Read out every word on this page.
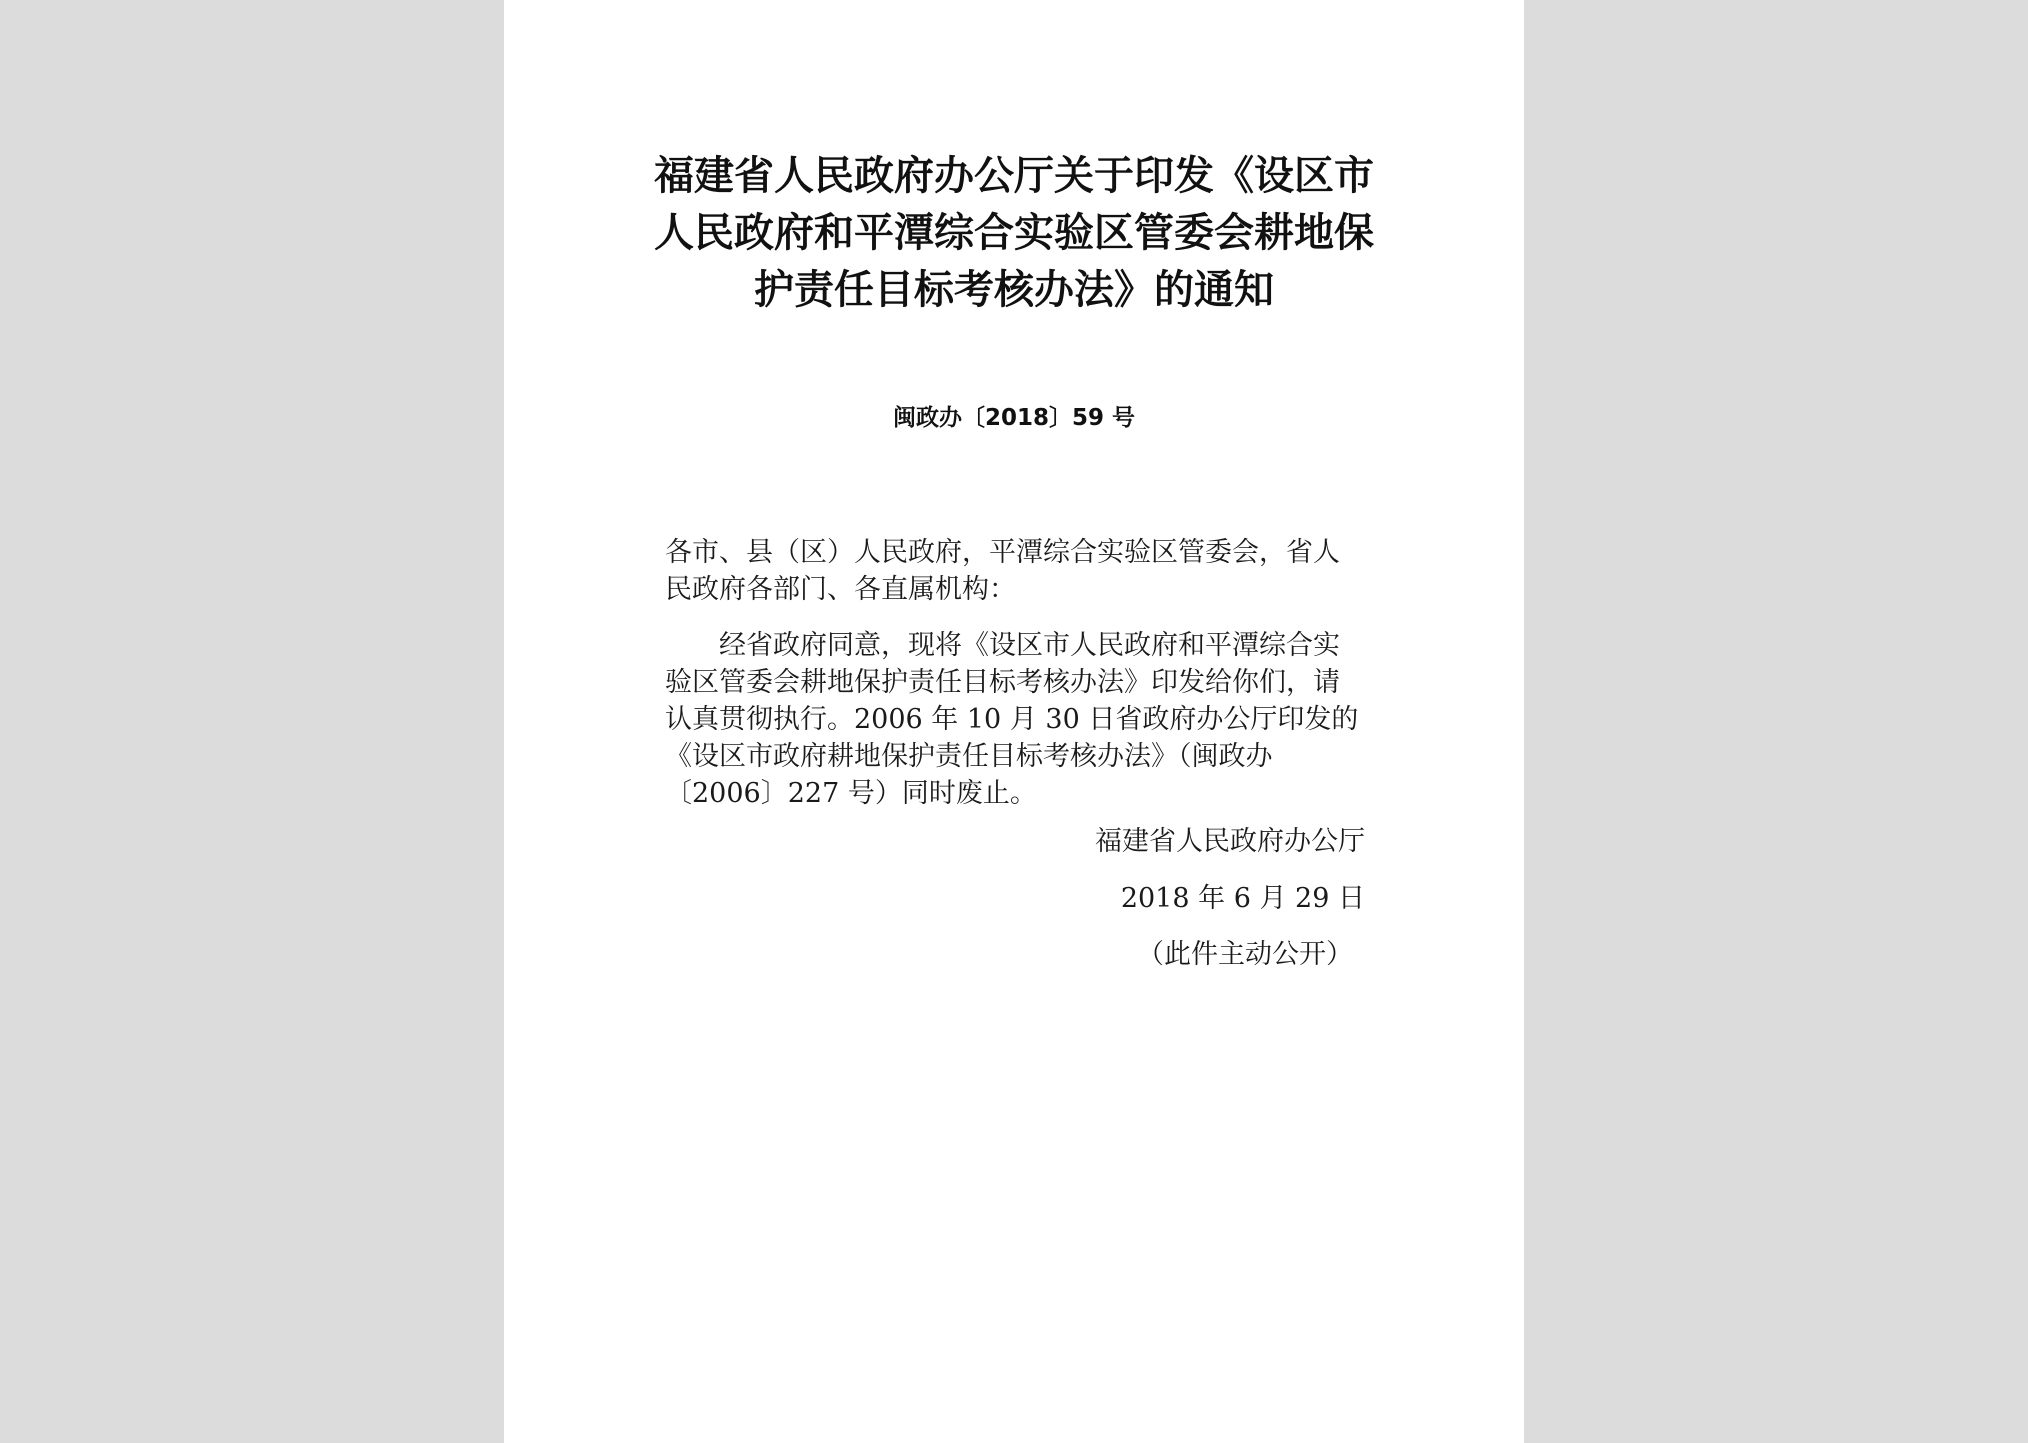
福建省人民政府办公厅关于印发《设区市
人民政府和平潭综合实验区管委会耕地保
护责任目标考核办法》的通知
闽政办〔2018〕59 号
各市、县（区）人民政府，平潭综合实验区管委会，省人
民政府各部门、各直属机构：
　　经省政府同意，现将《设区市人民政府和平潭综合实
验区管委会耕地保护责任目标考核办法》印发给你们，请
认真贯彻执行。2006 年 10 月 30 日省政府办公厅印发的
《设区市政府耕地保护责任目标考核办法》（闽政办
〔2006〕227 号）同时废止。
福建省人民政府办公厅
2018 年 6 月 29 日
（此件主动公开）
